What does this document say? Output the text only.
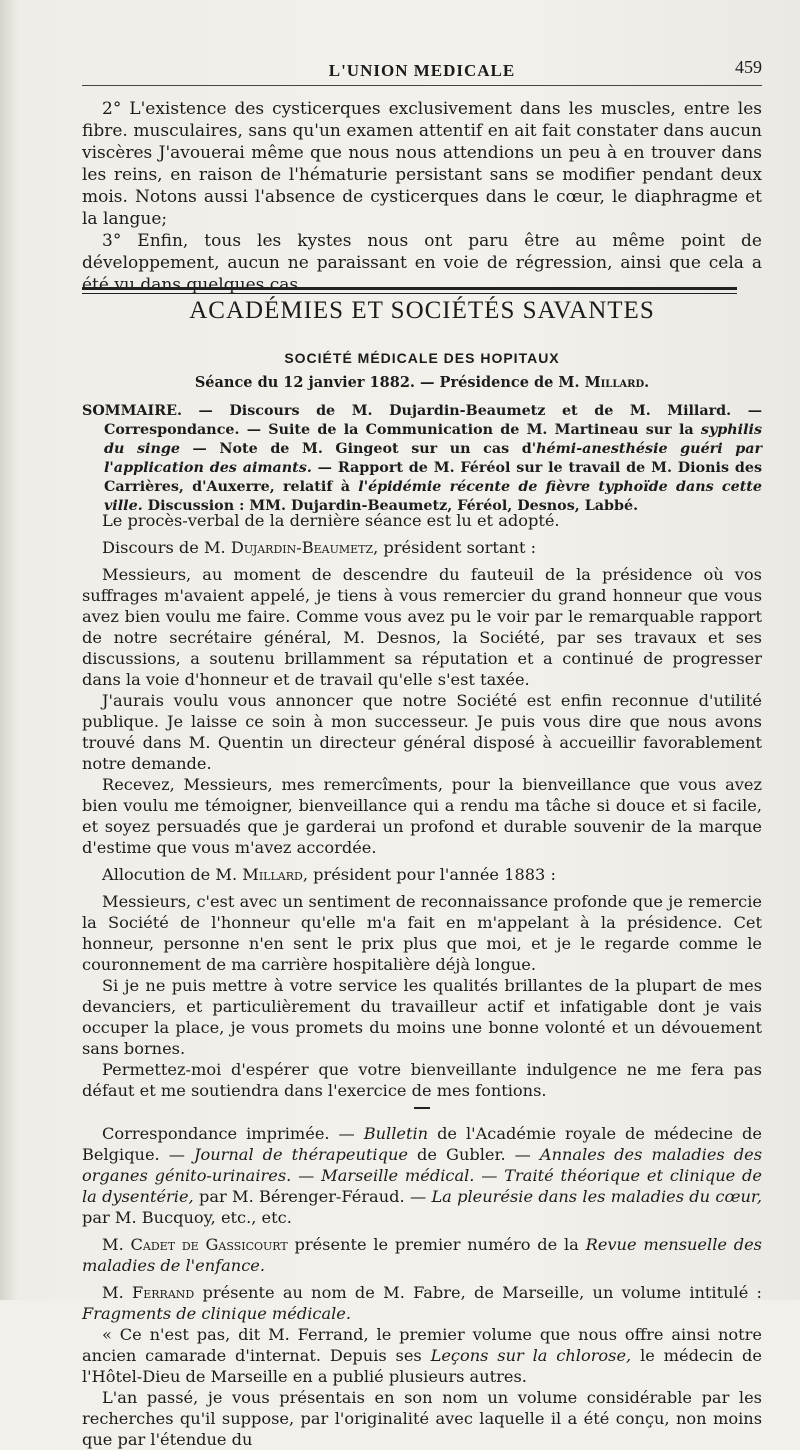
L'UNION MEDICALE	459

2° L'existence des cysticerques exclusivement dans les muscles, entre les fibre. musculaires, sans qu'un examen attentif en ait fait constater dans aucun viscères J'avouerai même que nous nous attendions un peu à en trouver dans les reins, en raison de l'hématurie persistant sans se modifier pendant deux mois. Notons aussi l'absence de cysticerques dans le cœur, le diaphragme et la langue;

3° Enfin, tous les kystes nous ont paru être au même point de développement, aucun ne paraissant en voie de régression, ainsi que cela a été vu dans quelques cas.

ACADÉMIES ET SOCIÉTÉS SAVANTES
SOCIÉTÉ MÉDICALE DES HOPITAUX
Séance du 12 janvier 1882. — Présidence de M. Millard.

SOMMAIRE. — Discours de M. Dujardin-Beaumetz et de M. Millard. — Correspondance. — Suite de la Communication de M. Martineau sur la syphilis du singe — Note de M. Gingeot sur un cas d'hémi-anesthésie guéri par l'application des aimants. — Rapport de M. Féréol sur le travail de M. Dionis des Carrières, d'Auxerre, relatif à l'épidémie récente de fièvre typhoïde dans cette ville. Discussion : MM. Dujardin-Beaumetz, Féréol, Desnos, Labbé.

Le procès-verbal de la dernière séance est lu et adopté.

Discours de M. Dujardin-Beaumetz, président sortant :

Messieurs, au moment de descendre du fauteuil de la présidence où vos suffrages m'avaient appelé, je tiens à vous remercier du grand honneur que vous avez bien voulu me faire. Comme vous avez pu le voir par le remarquable rapport de notre secrétaire général, M. Desnos, la Société, par ses travaux et ses discussions, a soutenu brillamment sa réputation et a continué de progresser dans la voie d'honneur et de travail qu'elle s'est taxée.

J'aurais voulu vous annoncer que notre Société est enfin reconnue d'utilité publique. Je laisse ce soin à mon successeur. Je puis vous dire que nous avons trouvé dans M. Quentin un directeur général disposé à accueillir favorablement notre demande.

Recevez, Messieurs, mes remercîments, pour la bienveillance que vous avez bien voulu me témoigner, bienveillance qui a rendu ma tâche si douce et si facile, et soyez persuadés que je garderai un profond et durable souvenir de la marque d'estime que vous m'avez accordée.

Allocution de M. Millard, président pour l'année 1883 :

Messieurs, c'est avec un sentiment de reconnaissance profonde que je remercie la Société de l'honneur qu'elle m'a fait en m'appelant à la présidence. Cet honneur, personne n'en sent le prix plus que moi, et je le regarde comme le couronnement de ma carrière hospitalière déjà longue.

Si je ne puis mettre à votre service les qualités brillantes de la plupart de mes devanciers, et particulièrement du travailleur actif et infatigable dont je vais occuper la place, je vous promets du moins une bonne volonté et un dévouement sans bornes.

Permettez-moi d'espérer que votre bienveillante indulgence ne me fera pas défaut et me soutiendra dans l'exercice de mes fontions.

Correspondance imprimée. — Bulletin de l'Académie royale de médecine de Belgique. — Journal de thérapeutique de Gubler. — Annales des maladies des organes génito-urinaires. — Marseille médical. — Traité théorique et clinique de la dysentérie, par M. Bérenger-Féraud. — La pleurésie dans les maladies du cœur, par M. Bucquoy, etc., etc.

M. Cadet de Gassicourt présente le premier numéro de la Revue mensuelle des maladies de l'enfance.

M. Ferrand présente au nom de M. Fabre, de Marseille, un volume intitulé : Fragments de clinique médicale.

« Ce n'est pas, dit M. Ferrand, le premier volume que nous offre ainsi notre ancien camarade d'internat. Depuis ses Leçons sur la chlorose, le médecin de l'Hôtel-Dieu de Marseille en a publié plusieurs autres.

L'an passé, je vous présentais en son nom un volume considérable par les recherches qu'il suppose, par l'originalité avec laquelle il a été conçu, non moins que par l'étendue du
